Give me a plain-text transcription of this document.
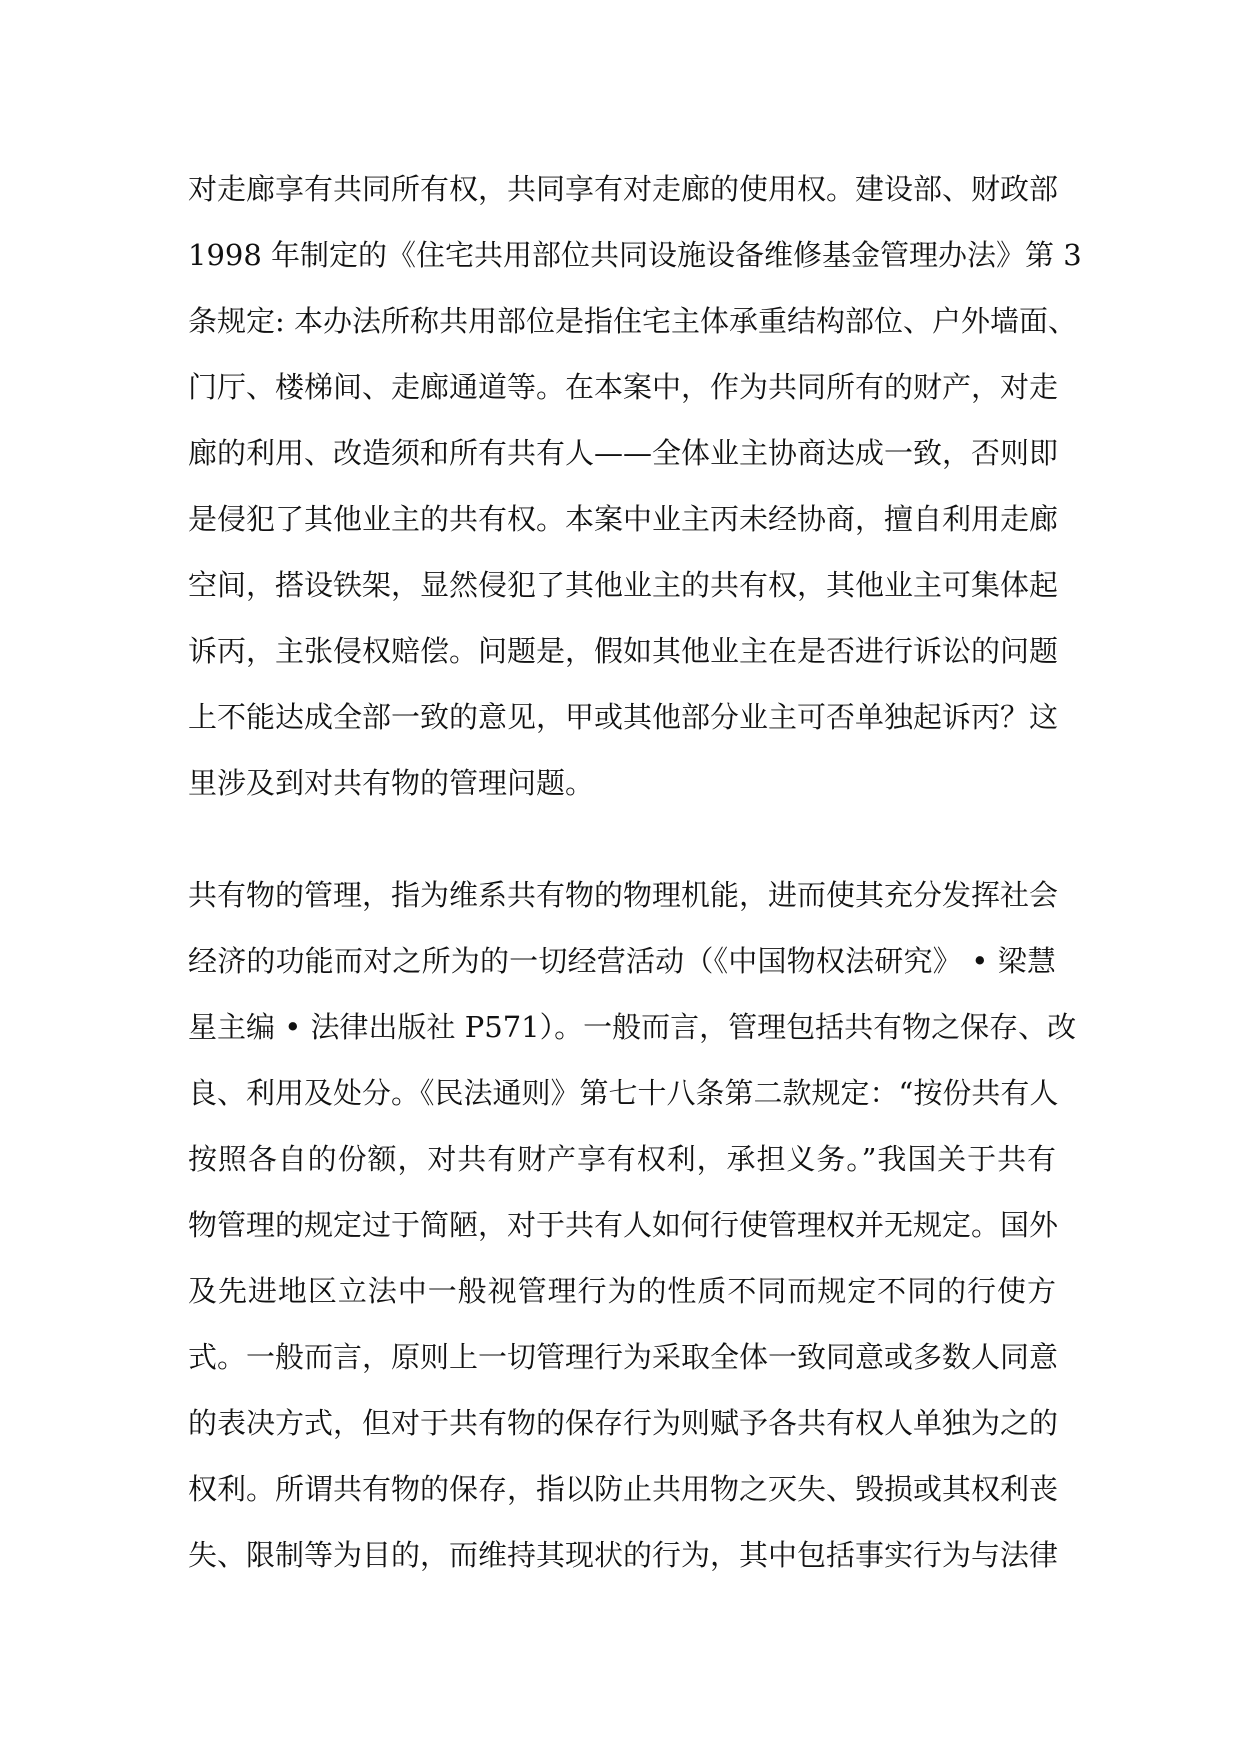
对走廊享有共同所有权，共同享有对走廊的使用权。建设部、财政部
1998 年制定的《住宅共用部位共同设施设备维修基金管理办法》第 3
条规定: 本办法所称共用部位是指住宅主体承重结构部位、户外墙面、
门厅、楼梯间、走廊通道等。在本案中，作为共同所有的财产，对走
廊的利用、改造须和所有共有人——全体业主协商达成一致，否则即
是侵犯了其他业主的共有权。本案中业主丙未经协商，擅自利用走廊
空间，搭设铁架，显然侵犯了其他业主的共有权，其他业主可集体起
诉丙，主张侵权赔偿。问题是，假如其他业主在是否进行诉讼的问题
上不能达成全部一致的意见，甲或其他部分业主可否单独起诉丙？这
里涉及到对共有物的管理问题。
共有物的管理，指为维系共有物的物理机能，进而使其充分发挥社会
经济的功能而对之所为的一切经营活动（《中国物权法研究》 • 梁慧
星主编 • 法律出版社 P571）。一般而言，管理包括共有物之保存、改
良、利用及处分。《民法通则》第七十八条第二款规定：“按份共有人
按照各自的份额，对共有财产享有权利，承担义务。”我国关于共有
物管理的规定过于简陋，对于共有人如何行使管理权并无规定。国外
及先进地区立法中一般视管理行为的性质不同而规定不同的行使方
式。一般而言，原则上一切管理行为采取全体一致同意或多数人同意
的表决方式，但对于共有物的保存行为则赋予各共有权人单独为之的
权利。所谓共有物的保存，指以防止共用物之灭失、毁损或其权利丧
失、限制等为目的，而维持其现状的行为，其中包括事实行为与法律
